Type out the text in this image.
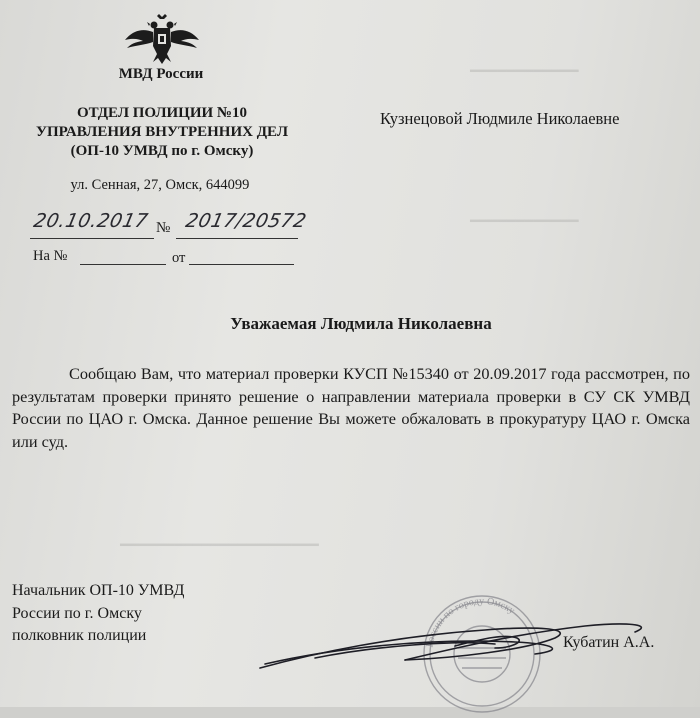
━━━━━━━━━━━━
━━━━━━━━━━━━
━━━━━━━━━━━━━━━━━━━━━━
МВД России
ОТДЕЛ ПОЛИЦИИ №10
УПРАВЛЕНИЯ ВНУТРЕННИХ ДЕЛ
(ОП-10 УМВД по г. Омску)
ул. Сенная, 27, Омск, 644099
Кузнецовой Людмиле Николаевне
20.10.2017 № 2017/20572
На №	от
Уважаемая Людмила Николаевна
Сообщаю Вам, что материал проверки КУСП №15340 от 20.09.2017 года рассмотрен, по результатам проверки принято решение о направлении материала проверки в СУ СК УМВД России по ЦАО г. Омска. Данное решение Вы можете обжаловать в прокуратуру ЦАО г. Омска или суд.
Начальник ОП-10 УМВД
России по г. Омску
полковник полиции
России по городу Омску
Кубатин А.А.
